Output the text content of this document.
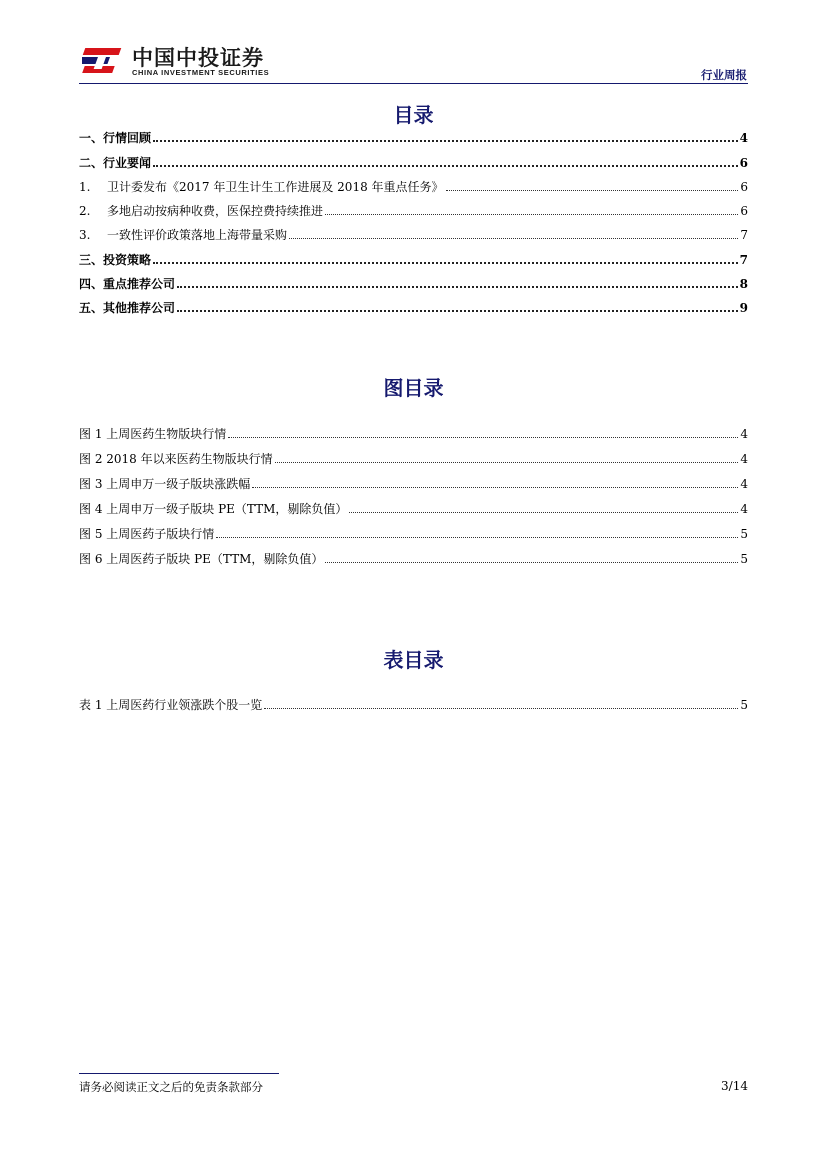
中国中投证券
CHINA INVESTMENT SECURITIES	行业周报
目录
一、行情回顾	4
二、行业要闻	6
1.	卫计委发布《2017 年卫生计生工作进展及 2018 年重点任务》	6
2.	多地启动按病种收费，医保控费持续推进	6
3.	一致性评价政策落地上海带量采购	7
三、投资策略	7
四、重点推荐公司	8
五、其他推荐公司	9
图目录
图 1 上周医药生物版块行情	4
图 2 2018 年以来医药生物版块行情	4
图 3 上周申万一级子版块涨跌幅	4
图 4 上周申万一级子版块 PE（TTM，剔除负值）	4
图 5 上周医药子版块行情	5
图 6 上周医药子版块 PE（TTM，剔除负值）	5
表目录
表 1 上周医药行业领涨跌个股一览	5
请务必阅读正文之后的免责条款部分	3/14
